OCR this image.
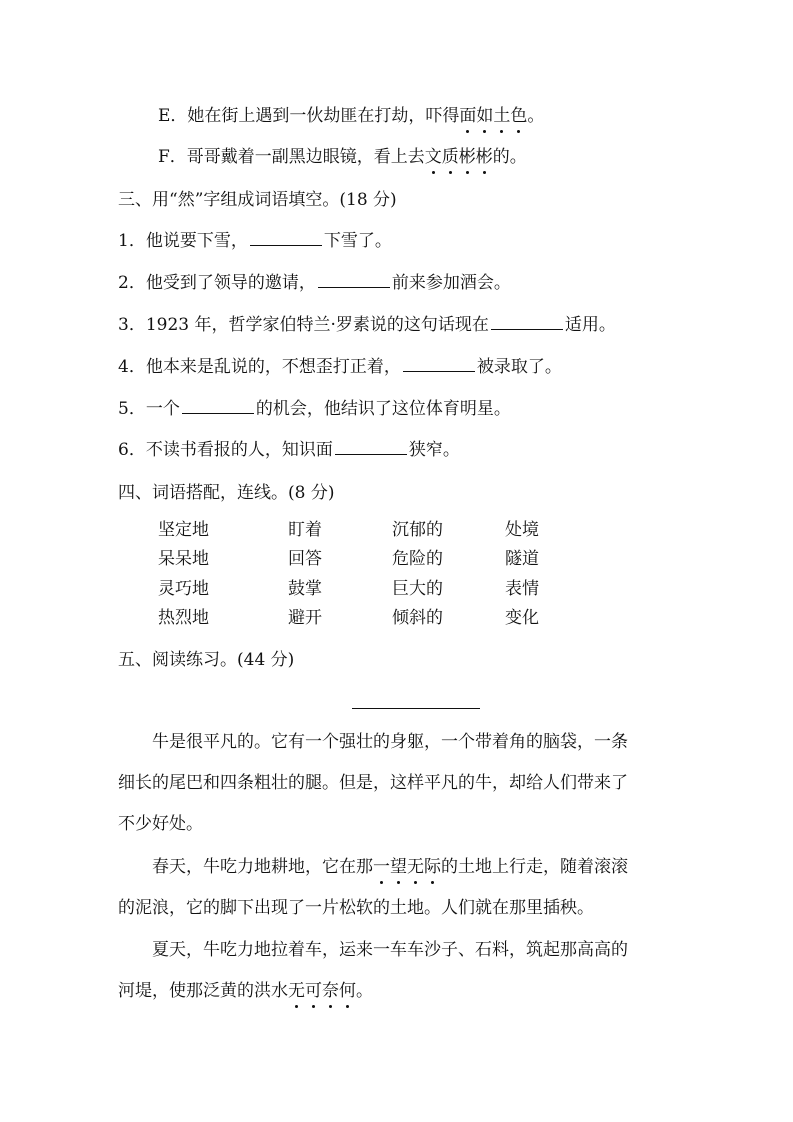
E．她在街上遇到一伙劫匪在打劫，吓得面如土色。
F．哥哥戴着一副黑边眼镜，看上去文质彬彬的。
三、用“然”字组成词语填空。(18 分)
1．他说要下雪，	下雪了。
2．他受到了领导的邀请，	前来参加酒会。
3．1923 年，哲学家伯特兰·罗素说的这句话现在	适用。
4．他本来是乱说的，不想歪打正着，	被录取了。
5．一个	的机会，他结识了这位体育明星。
6．不读书看报的人，知识面	狭窄。
四、词语搭配，连线。(8 分)
坚定地	盯着	沉郁的	处境
呆呆地	回答	危险的	隧道
灵巧地	鼓掌	巨大的	表情
热烈地	避开	倾斜的	变化
五、阅读练习。(44 分)
　　牛是很平凡的。它有一个强壮的身躯，一个带着角的脑袋，一条
细长的尾巴和四条粗壮的腿。但是，这样平凡的牛，却给人们带来了
不少好处。
　　春天，牛吃力地耕地，它在那一望无际的土地上行走，随着滚滚
的泥浪，它的脚下出现了一片松软的土地。人们就在那里插秧。
　　夏天，牛吃力地拉着车，运来一车车沙子、石料，筑起那高高的
河堤，使那泛黄的洪水无可奈何。
